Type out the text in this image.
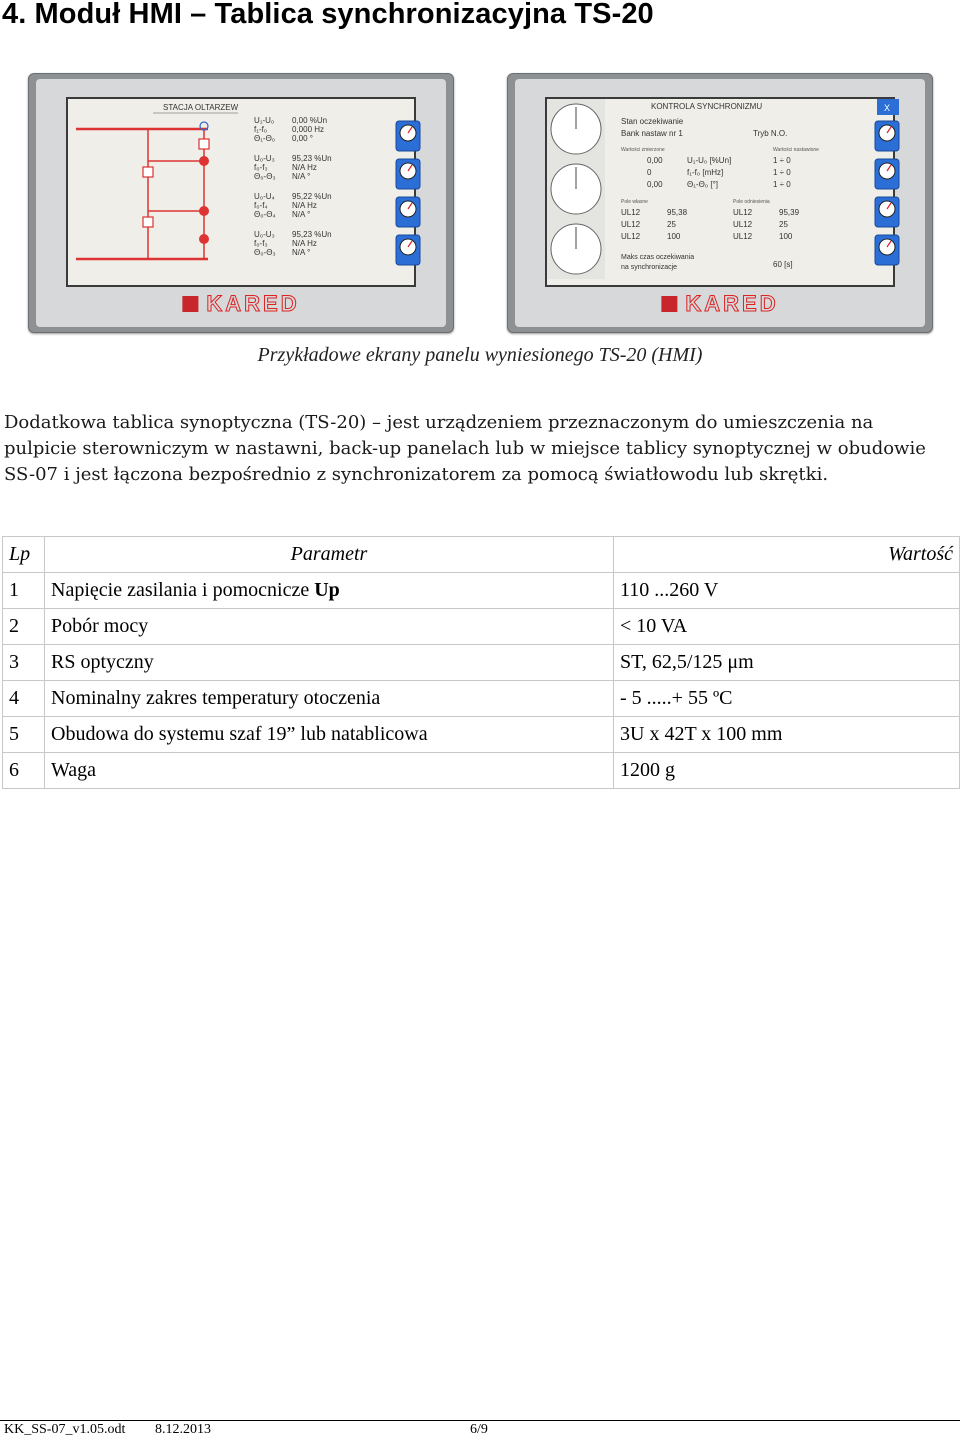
4. Moduł HMI – Tablica synchronizacyjna TS-20
STACJA OLTARZEW
U₁-U₀ 0,00 %Un
f₁-f₀	0,000 Hz
Θ₁-Θ₀ 0,00 °
U₀-U₃ 95,23 %Un
f₀-f₃	N/A Hz
Θ₀-Θ₃ N/A °
U₀-U₄ 95,22 %Un
f₀-f₄	N/A Hz
Θ₀-Θ₄ N/A °
U₀-U₃ 95,23 %Un
f₀-f₃	N/A Hz
Θ₀-Θ₃ N/A °
KARED
KONTROLA SYNCHRONIZMU	X
Stan oczekiwanie
Bank nastaw nr 1	Tryb N.O.
Wartości zmierzone	Wartości nastawione
0,00	U₁-U₀ [%Un]	1 ÷ 0
0	f₁-f₀ [mHz]	1 ÷ 0
0,00	Θ₁-Θ₀ [°]	1 ÷ 0
Pole własne	Pole odniesienia
UL12	95,38	UL12	95,39
UL12	25	UL12	25
UL12	100	UL12	100
Maks czas oczekiwania
na synchronizacje	60 [s]
KARED
Przykładowe ekrany panelu wyniesionego TS-20 (HMI)

Dodatkowa tablica synoptyczna (TS-20) – jest urządzeniem przeznaczonym do umieszczenia na pulpicie sterowniczym w nastawni, back-up panelach lub w miejsce tablicy synoptycznej w obudowie SS-07 i jest łączona bezpośrednio z synchronizatorem za pomocą światłowodu lub skrętki.

Lp	Parametr	Wartość
1	Napięcie zasilania i pomocnicze Up	110 ...260 V
2	Pobór mocy	< 10 VA
3	RS optyczny	ST, 62,5/125 μm
4	Nominalny zakres temperatury otoczenia	- 5 .....+ 55 ºC
5	Obudowa do systemu szaf 19” lub natablicowa	3U x 42T x 100 mm
6	Waga	1200 g
KK_SS-07_v1.05.odt 8.12.2013	6/9
